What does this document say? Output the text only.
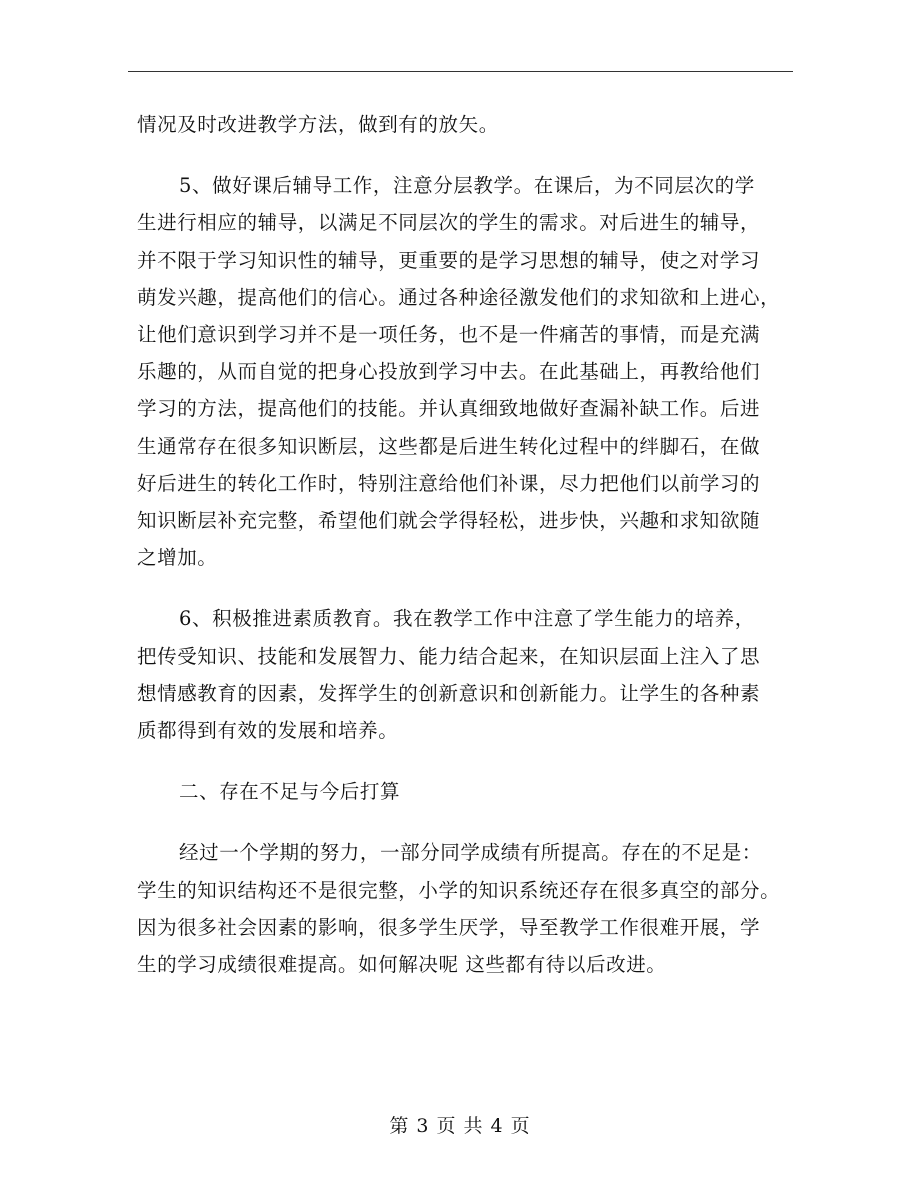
情况及时改进教学方法，做到有的放矢。

5、做好课后辅导工作，注意分层教学。在课后，为不同层次的学
生进行相应的辅导，以满足不同层次的学生的需求。对后进生的辅导，
并不限于学习知识性的辅导，更重要的是学习思想的辅导，使之对学习
萌发兴趣，提高他们的信心。通过各种途径激发他们的求知欲和上进心，
让他们意识到学习并不是一项任务，也不是一件痛苦的事情，而是充满
乐趣的，从而自觉的把身心投放到学习中去。在此基础上，再教给他们
学习的方法，提高他们的技能。并认真细致地做好查漏补缺工作。后进
生通常存在很多知识断层，这些都是后进生转化过程中的绊脚石，在做
好后进生的转化工作时，特别注意给他们补课，尽力把他们以前学习的
知识断层补充完整，希望他们就会学得轻松，进步快，兴趣和求知欲随
之增加。

6、积极推进素质教育。我在教学工作中注意了学生能力的培养，
把传受知识、技能和发展智力、能力结合起来，在知识层面上注入了思
想情感教育的因素，发挥学生的创新意识和创新能力。让学生的各种素
质都得到有效的发展和培养。

二、存在不足与今后打算

经过一个学期的努力，一部分同学成绩有所提高。存在的不足是：
学生的知识结构还不是很完整，小学的知识系统还存在很多真空的部分。
因为很多社会因素的影响，很多学生厌学，导至教学工作很难开展，学
生的学习成绩很难提高。如何解决呢 这些都有待以后改进。

第 3 页 共 4 页
